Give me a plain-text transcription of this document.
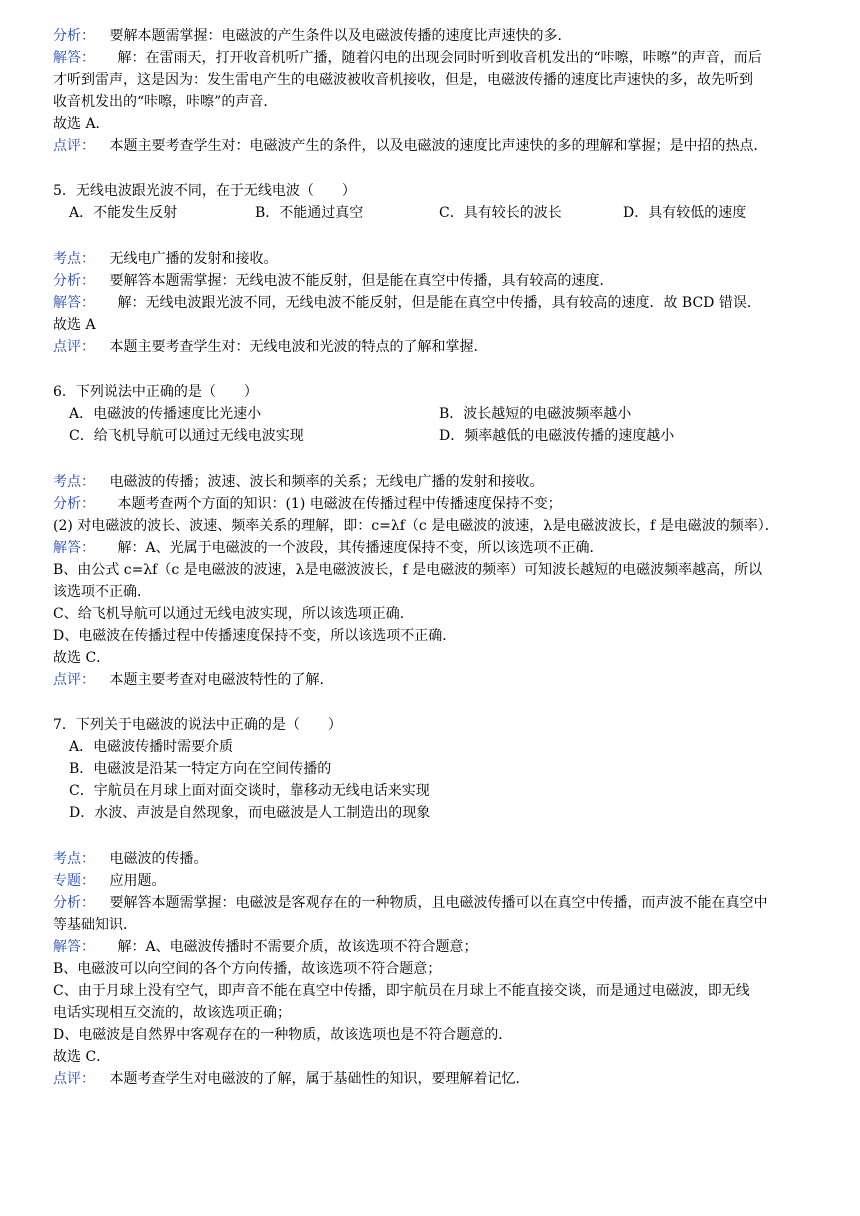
分析： 要解本题需掌握：电磁波的产生条件以及电磁波传播的速度比声速快的多．
解答： 解：在雷雨天，打开收音机听广播，随着闪电的出现会同时听到收音机发出的“咔嚓，咔嚓”的声音，而后
才听到雷声，这是因为：发生雷电产生的电磁波被收音机接收，但是，电磁波传播的速度比声速快的多，故先听到
收音机发出的“咔嚓，咔嚓”的声音．
故选 A．
点评： 本题主要考查学生对：电磁波产生的条件，以及电磁波的速度比声速快的多的理解和掌握；是中招的热点．
5．无线电波跟光波不同，在于无线电波（　　）
A．不能发生反射	B．不能通过真空	C．具有较长的波长	D．具有较低的速度
考点： 无线电广播的发射和接收。
分析： 要解答本题需掌握：无线电波不能反射，但是能在真空中传播，具有较高的速度．
解答： 解：无线电波跟光波不同，无线电波不能反射，但是能在真空中传播，具有较高的速度．故 BCD 错误．
故选 A
点评： 本题主要考查学生对：无线电波和光波的特点的了解和掌握．
6．下列说法中正确的是（　　）
A．电磁波的传播速度比光速小	B．波长越短的电磁波频率越小
C．给飞机导航可以通过无线电波实现	D．频率越低的电磁波传播的速度越小
考点： 电磁波的传播；波速、波长和频率的关系；无线电广播的发射和接收。
分析： 本题考查两个方面的知识：(1) 电磁波在传播过程中传播速度保持不变；
(2) 对电磁波的波长、波速、频率关系的理解，即：c=λf（c 是电磁波的波速，λ是电磁波波长，f 是电磁波的频率）．
解答： 解：A、光属于电磁波的一个波段，其传播速度保持不变，所以该选项不正确．
B、由公式 c=λf（c 是电磁波的波速，λ是电磁波波长，f 是电磁波的频率）可知波长越短的电磁波频率越高，所以
该选项不正确．
C、给飞机导航可以通过无线电波实现，所以该选项正确．
D、电磁波在传播过程中传播速度保持不变，所以该选项不正确．
故选 C．
点评： 本题主要考查对电磁波特性的了解．
7．下列关于电磁波的说法中正确的是（　　）
A．电磁波传播时需要介质
B．电磁波是沿某一特定方向在空间传播的
C．宇航员在月球上面对面交谈时，靠移动无线电话来实现
D．水波、声波是自然现象，而电磁波是人工制造出的现象
考点： 电磁波的传播。
专题： 应用题。
分析： 要解答本题需掌握：电磁波是客观存在的一种物质，且电磁波传播可以在真空中传播，而声波不能在真空中
等基础知识．
解答： 解：A、电磁波传播时不需要介质，故该选项不符合题意；
B、电磁波可以向空间的各个方向传播，故该选项不符合题意；
C、由于月球上没有空气，即声音不能在真空中传播，即宇航员在月球上不能直接交谈，而是通过电磁波，即无线
电话实现相互交流的，故该选项正确；
D、电磁波是自然界中客观存在的一种物质，故该选项也是不符合题意的．
故选 C．
点评： 本题考查学生对电磁波的了解，属于基础性的知识，要理解着记忆．
